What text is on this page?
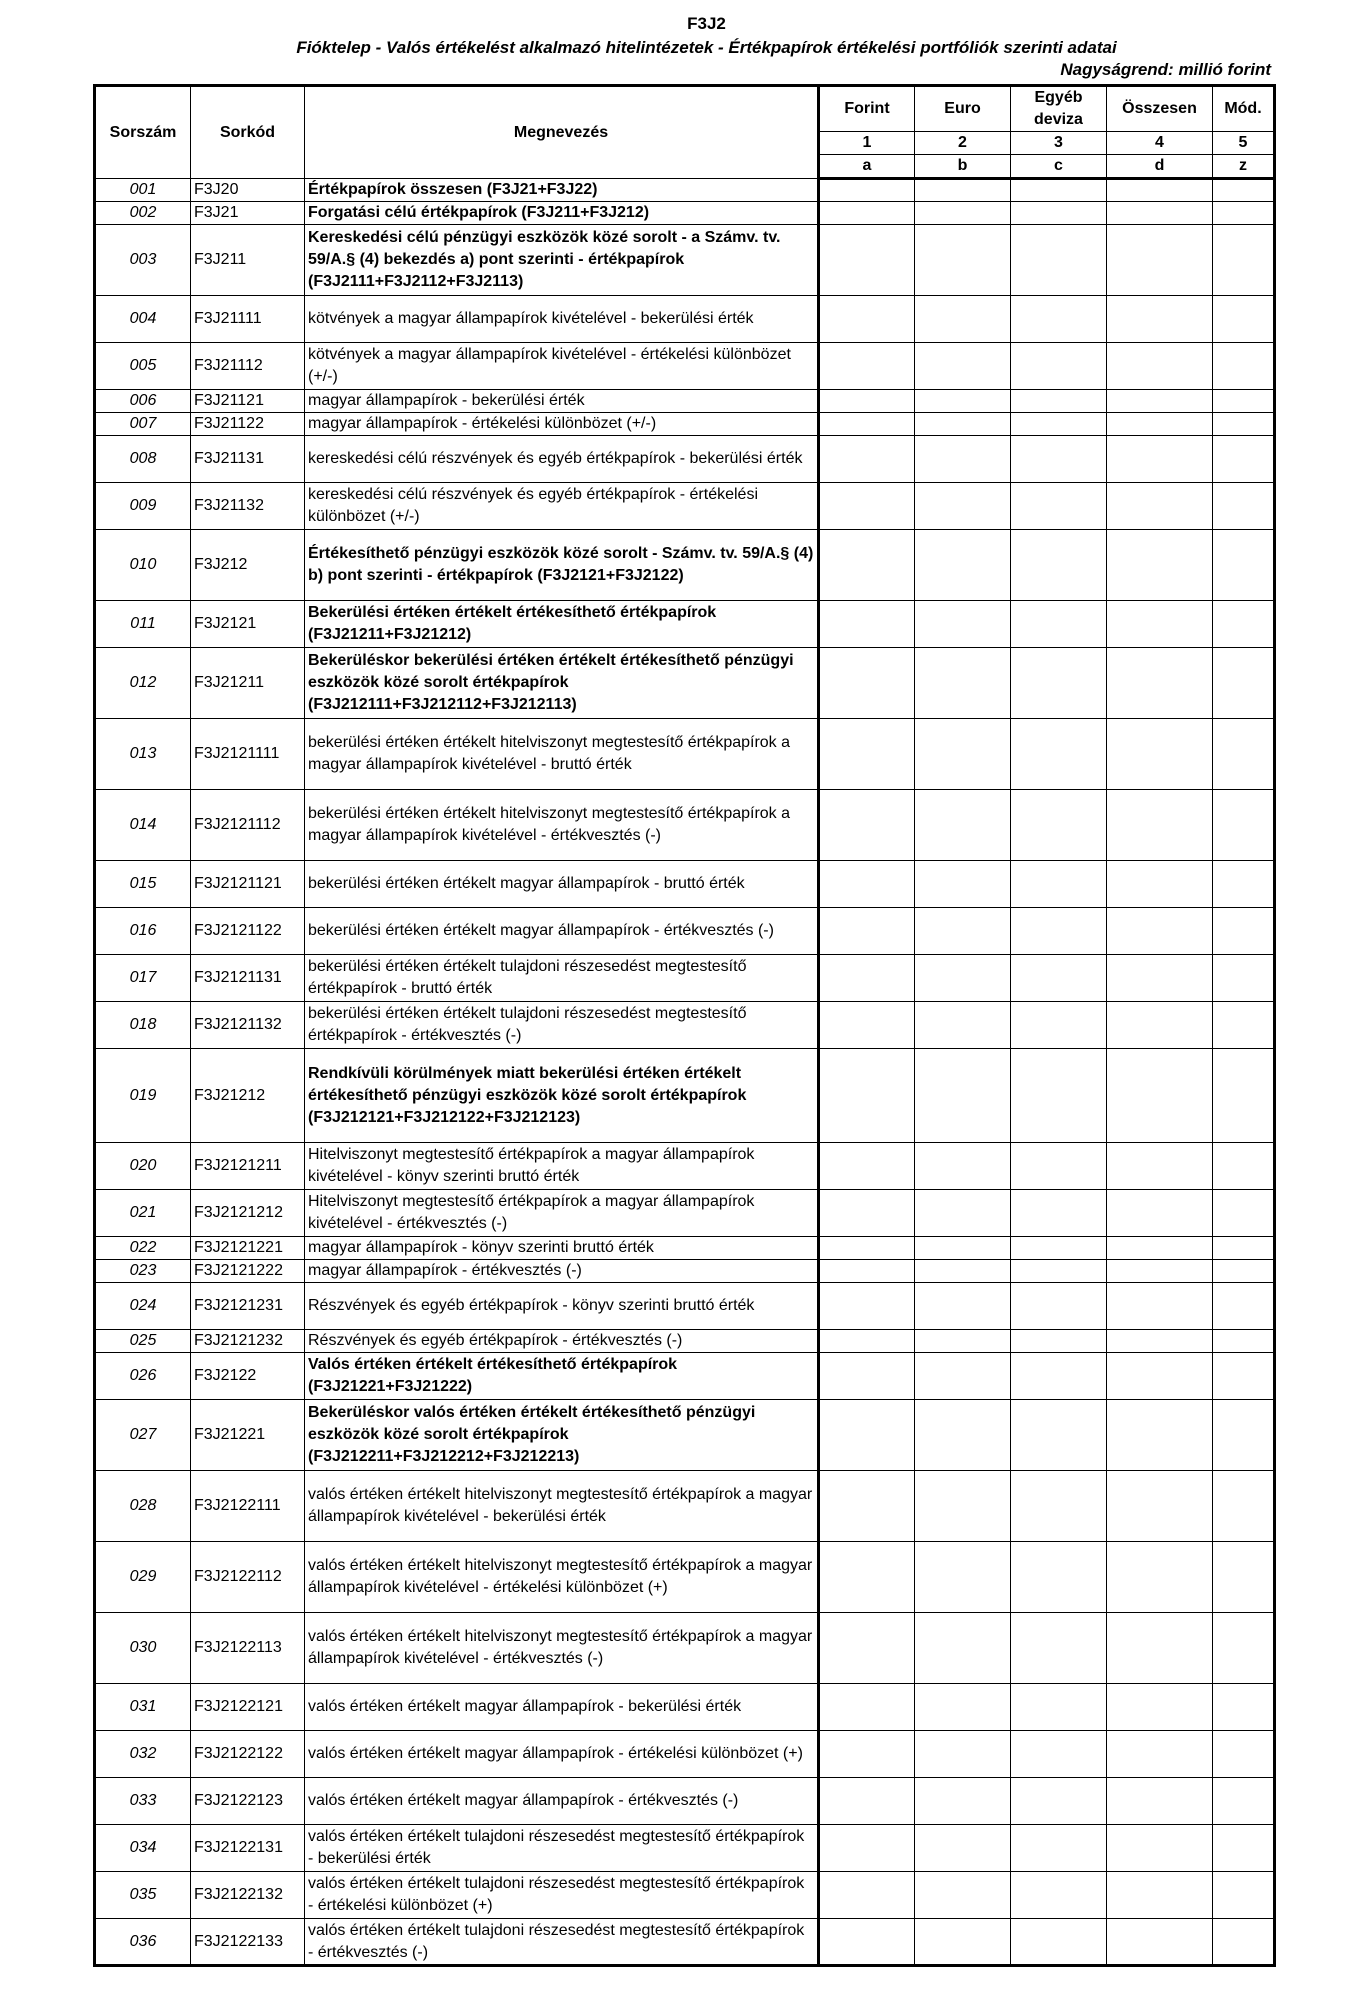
F3J2
Fióktelep - Valós értékelést alkalmazó hitelintézetek - Értékpapírok értékelési portfóliók szerinti adatai
Nagyságrend: millió forint
Sorszám	Sorkód	Megnevezés	Forint	Euro	Egyéb deviza	Összesen	Mód.
			1	2	3	4	5
			a	b	c	d	z
001	F3J20	Értékpapírok összesen (F3J21+F3J22)					
002	F3J21	Forgatási célú értékpapírok (F3J211+F3J212)					
003	F3J211	Kereskedési célú pénzügyi eszközök közé sorolt - a Számv. tv. 59/A.§ (4) bekezdés a) pont szerinti - értékpapírok (F3J2111+F3J2112+F3J2113)					
004	F3J21111	kötvények a magyar állampapírok kivételével - bekerülési érték					
005	F3J21112	kötvények a magyar állampapírok kivételével - értékelési különbözet (+/-)					
006	F3J21121	magyar állampapírok - bekerülési érték					
007	F3J21122	magyar állampapírok - értékelési különbözet (+/-)					
008	F3J21131	kereskedési célú részvények és egyéb értékpapírok - bekerülési érték					
009	F3J21132	kereskedési célú részvények és egyéb értékpapírok - értékelési különbözet (+/-)					
010	F3J212	Értékesíthető pénzügyi eszközök közé sorolt - Számv. tv. 59/A.§ (4) b) pont szerinti - értékpapírok (F3J2121+F3J2122)					
011	F3J2121	Bekerülési értéken értékelt értékesíthető értékpapírok (F3J21211+F3J21212)					
012	F3J21211	Bekerüléskor bekerülési értéken értékelt értékesíthető pénzügyi eszközök közé sorolt értékpapírok (F3J212111+F3J212112+F3J212113)					
013	F3J2121111	bekerülési értéken értékelt hitelviszonyt megtestesítő értékpapírok a magyar állampapírok kivételével - bruttó érték					
014	F3J2121112	bekerülési értéken értékelt hitelviszonyt megtestesítő értékpapírok a magyar állampapírok kivételével - értékvesztés (-)					
015	F3J2121121	bekerülési értéken értékelt magyar állampapírok - bruttó érték					
016	F3J2121122	bekerülési értéken értékelt magyar állampapírok - értékvesztés (-)					
017	F3J2121131	bekerülési értéken értékelt tulajdoni részesedést megtestesítő értékpapírok - bruttó érték					
018	F3J2121132	bekerülési értéken értékelt tulajdoni részesedést megtestesítő értékpapírok - értékvesztés (-)					
019	F3J21212	Rendkívüli körülmények miatt bekerülési értéken értékelt értékesíthető pénzügyi eszközök közé sorolt értékpapírok (F3J212121+F3J212122+F3J212123)					
020	F3J2121211	Hitelviszonyt megtestesítő értékpapírok a magyar állampapírok kivételével - könyv szerinti bruttó érték					
021	F3J2121212	Hitelviszonyt megtestesítő értékpapírok a magyar állampapírok kivételével - értékvesztés (-)					
022	F3J2121221	magyar állampapírok - könyv szerinti bruttó érték					
023	F3J2121222	magyar állampapírok - értékvesztés (-)					
024	F3J2121231	Részvények és egyéb értékpapírok - könyv szerinti bruttó érték					
025	F3J2121232	Részvények és egyéb értékpapírok - értékvesztés (-)					
026	F3J2122	Valós értéken értékelt értékesíthető értékpapírok (F3J21221+F3J21222)					
027	F3J21221	Bekerüléskor valós értéken értékelt értékesíthető pénzügyi eszközök közé sorolt értékpapírok (F3J212211+F3J212212+F3J212213)					
028	F3J2122111	valós értéken értékelt hitelviszonyt megtestesítő értékpapírok a magyar állampapírok kivételével - bekerülési érték					
029	F3J2122112	valós értéken értékelt hitelviszonyt megtestesítő értékpapírok a magyar állampapírok kivételével - értékelési különbözet (+)					
030	F3J2122113	valós értéken értékelt hitelviszonyt megtestesítő értékpapírok a magyar állampapírok kivételével - értékvesztés (-)					
031	F3J2122121	valós értéken értékelt magyar állampapírok - bekerülési érték					
032	F3J2122122	valós értéken értékelt magyar állampapírok - értékelési különbözet (+)					
033	F3J2122123	valós értéken értékelt magyar állampapírok - értékvesztés (-)					
034	F3J2122131	valós értéken értékelt tulajdoni részesedést megtestesítő értékpapírok - bekerülési érték					
035	F3J2122132	valós értéken értékelt tulajdoni részesedést megtestesítő értékpapírok - értékelési különbözet (+)					
036	F3J2122133	valós értéken értékelt tulajdoni részesedést megtestesítő értékpapírok - értékvesztés (-)					
